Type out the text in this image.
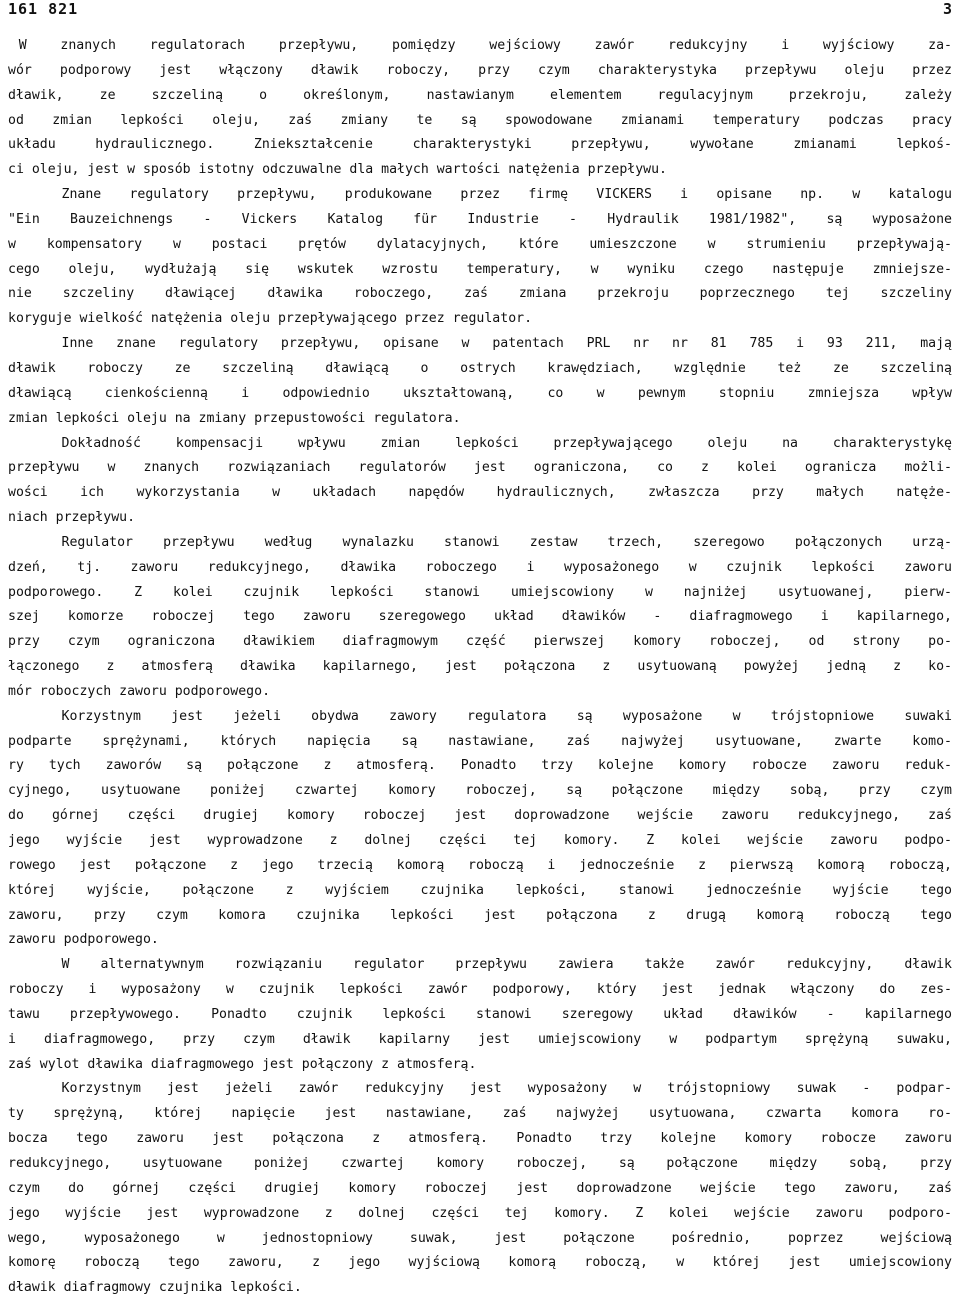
161 821	3
W znanych regulatorach przepływu, pomiędzy wejściowy zawór redukcyjny i wyjściowy za-
wór podporowy jest włączony dławik roboczy, przy czym charakterystyka przepływu oleju przez
dławik, ze szczeliną o określonym, nastawianym elementem regulacyjnym przekroju, zależy
od zmian lepkości oleju, zaś zmiany te są spowodowane zmianami temperatury podczas pracy
układu hydraulicznego. Zniekształcenie charakterystyki przepływu, wywołane zmianami lepkoś-
ci oleju, jest w sposób istotny odczuwalne dla małych wartości natężenia przepływu.
Znane regulatory przepływu, produkowane przez firmę VICKERS i opisane np. w katalogu
"Ein Bauzeichnengs - Vickers Katalog für Industrie - Hydraulik 1981/1982", są wyposażone
w kompensatory w postaci prętów dylatacyjnych, które umieszczone w strumieniu przepływają-
cego oleju, wydłużają się wskutek wzrostu temperatury, w wyniku czego następuje zmniejsze-
nie szczeliny dławiącej dławika roboczego, zaś zmiana przekroju poprzecznego tej szczeliny
koryguje wielkość natężenia oleju przepływającego przez regulator.
Inne znane regulatory przepływu, opisane w patentach PRL nr nr 81 785 i 93 211, mają
dławik roboczy ze szczeliną dławiącą o ostrych krawędziach, względnie też ze szczeliną
dławiącą cienkościenną i odpowiednio ukształtowaną, co w pewnym stopniu zmniejsza wpływ
zmian lepkości oleju na zmiany przepustowości regulatora.
Dokładność kompensacji wpływu zmian lepkości przepływającego oleju na charakterystykę
przepływu w znanych rozwiązaniach regulatorów jest ograniczona, co z kolei ogranicza możli-
wości ich wykorzystania w układach napędów hydraulicznych, zwłaszcza przy małych natęże-
niach przepływu.
Regulator przepływu według wynalazku stanowi zestaw trzech, szeregowo połączonych urzą-
dzeń, tj. zaworu redukcyjnego, dławika roboczego i wyposażonego w czujnik lepkości zaworu
podporowego. Z kolei czujnik lepkości stanowi umiejscowiony w najniżej usytuowanej, pierw-
szej komorze roboczej tego zaworu szeregowego układ dławików - diafragmowego i kapilarnego,
przy czym ograniczona dławikiem diafragmowym część pierwszej komory roboczej, od strony po-
łączonego z atmosferą dławika kapilarnego, jest połączona z usytuowaną powyżej jedną z ko-
mór roboczych zaworu podporowego.
Korzystnym jest jeżeli obydwa zawory regulatora są wyposażone w trójstopniowe suwaki
podparte sprężynami, których napięcia są nastawiane, zaś najwyżej usytuowane, zwarte komo-
ry tych zaworów są połączone z atmosferą. Ponadto trzy kolejne komory robocze zaworu reduk-
cyjnego, usytuowane poniżej czwartej komory roboczej, są połączone między sobą, przy czym
do górnej części drugiej komory roboczej jest doprowadzone wejście zaworu redukcyjnego, zaś
jego wyjście jest wyprowadzone z dolnej części tej komory. Z kolei wejście zaworu podpo-
rowego jest połączone z jego trzecią komorą roboczą i jednocześnie z pierwszą komorą roboczą,
której wyjście, połączone z wyjściem czujnika lepkości, stanowi jednocześnie wyjście tego
zaworu, przy czym komora czujnika lepkości jest połączona z drugą komorą roboczą tego
zaworu podporowego.
W alternatywnym rozwiązaniu regulator przepływu zawiera także zawór redukcyjny, dławik
roboczy i wyposażony w czujnik lepkości zawór podporowy, który jest jednak włączony do zes-
tawu przepływowego. Ponadto czujnik lepkości stanowi szeregowy układ dławików - kapilarnego
i diafragmowego, przy czym dławik kapilarny jest umiejscowiony w podpartym sprężyną suwaku,
zaś wylot dławika diafragmowego jest połączony z atmosferą.
Korzystnym jest jeżeli zawór redukcyjny jest wyposażony w trójstopniowy suwak - podpar-
ty sprężyną, której napięcie jest nastawiane, zaś najwyżej usytuowana, czwarta komora ro-
bocza tego zaworu jest połączona z atmosferą. Ponadto trzy kolejne komory robocze zaworu
redukcyjnego, usytuowane poniżej czwartej komory roboczej, są połączone między sobą, przy
czym do górnej części drugiej komory roboczej jest doprowadzone wejście tego zaworu, zaś
jego wyjście jest wyprowadzone z dolnej części tej komory. Z kolei wejście zaworu podporo-
wego, wyposażonego w jednostopniowy suwak, jest połączone pośrednio, poprzez wejściową
komorę roboczą tego zaworu, z jego wyjściową komorą roboczą, w której jest umiejscowiony
dławik diafragmowy czujnika lepkości.
